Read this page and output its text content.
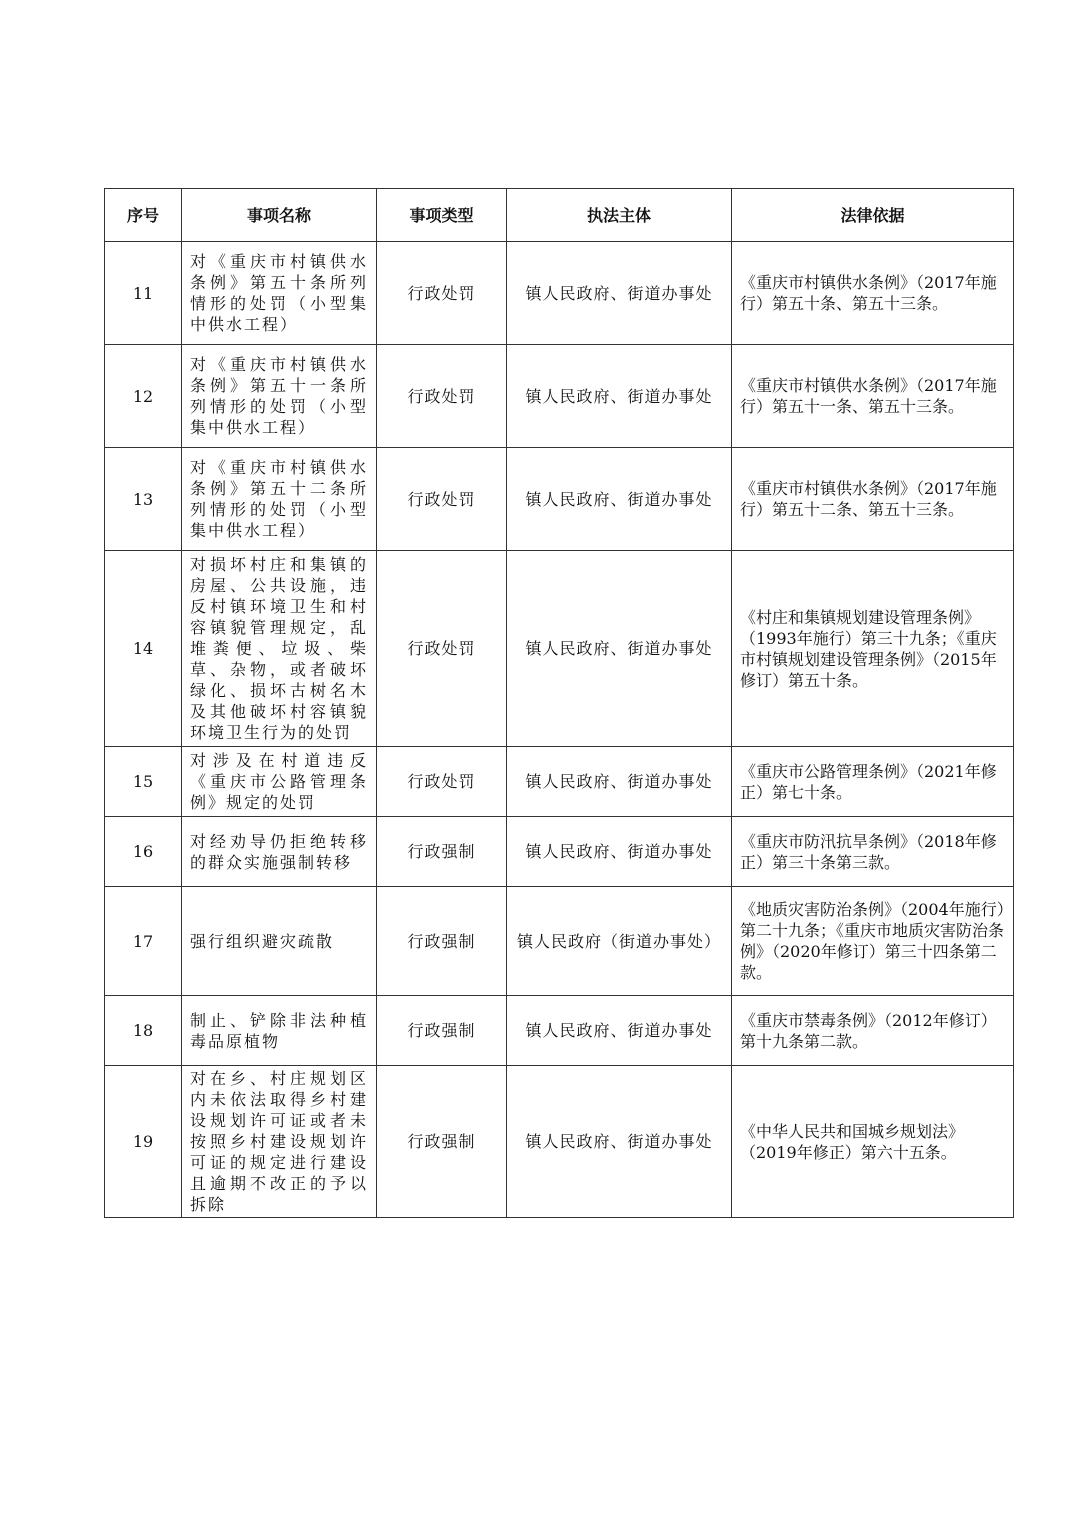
序号	事项名称	事项类型	执法主体	法律依据
11	对《重庆市村镇供水条例》第五十条所列情形的处罚（小型集中供水工程）	行政处罚	镇人民政府、街道办事处	《重庆市村镇供水条例》（2017年施行）第五十条、第五十三条。
12	对《重庆市村镇供水条例》第五十一条所列情形的处罚（小型集中供水工程）	行政处罚	镇人民政府、街道办事处	《重庆市村镇供水条例》（2017年施行）第五十一条、第五十三条。
13	对《重庆市村镇供水条例》第五十二条所列情形的处罚（小型集中供水工程）	行政处罚	镇人民政府、街道办事处	《重庆市村镇供水条例》（2017年施行）第五十二条、第五十三条。
14	对损坏村庄和集镇的房屋、公共设施，违反村镇环境卫生和村容镇貌管理规定，乱堆粪便、垃圾、柴草、杂物，或者破坏绿化、损坏古树名木及其他破坏村容镇貌环境卫生行为的处罚	行政处罚	镇人民政府、街道办事处	《村庄和集镇规划建设管理条例》（1993年施行）第三十九条；《重庆市村镇规划建设管理条例》（2015年修订）第五十条。
15	对涉及在村道违反《重庆市公路管理条例》规定的处罚	行政处罚	镇人民政府、街道办事处	《重庆市公路管理条例》（2021年修正）第七十条。
16	对经劝导仍拒绝转移的群众实施强制转移	行政强制	镇人民政府、街道办事处	《重庆市防汛抗旱条例》（2018年修正）第三十条第三款。
17	强行组织避灾疏散	行政强制	镇人民政府（街道办事处）	《地质灾害防治条例》（2004年施行）第二十九条；《重庆市地质灾害防治条例》（2020年修订）第三十四条第二款。
18	制止、铲除非法种植毒品原植物	行政强制	镇人民政府、街道办事处	《重庆市禁毒条例》（2012年修订）第十九条第二款。
19	对在乡、村庄规划区内未依法取得乡村建设规划许可证或者未按照乡村建设规划许可证的规定进行建设且逾期不改正的予以拆除	行政强制	镇人民政府、街道办事处	《中华人民共和国城乡规划法》（2019年修正）第六十五条。
